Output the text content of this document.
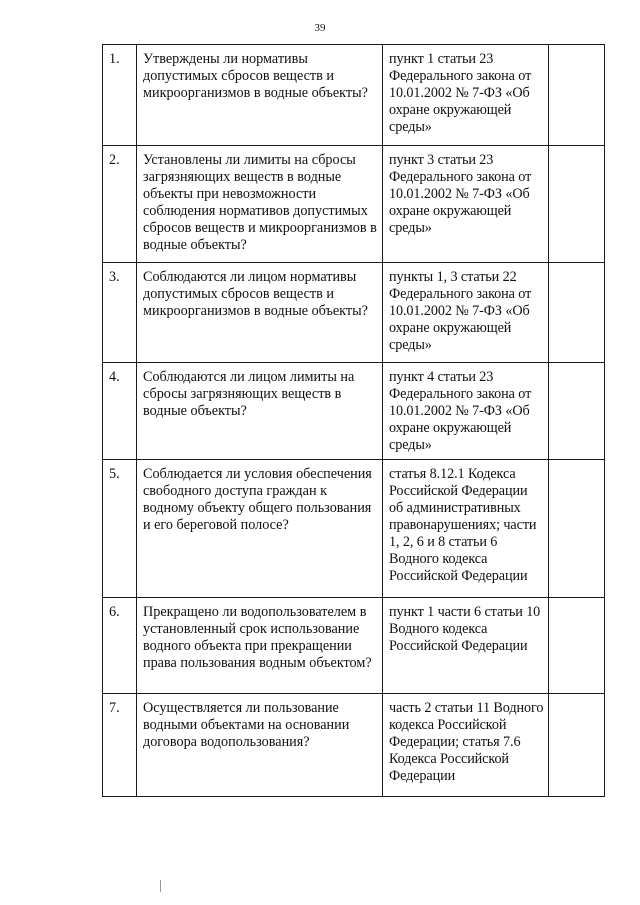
39
1.	Утверждены ли нормативы допустимых сбросов веществ и микроорганизмов в водные объекты?	пункт 1 статьи 23 Федерального закона от 10.01.2002 № 7-ФЗ «Об охране окружающей среды»	
2.	Установлены ли лимиты на сбросы загрязняющих веществ в водные объекты при невозможности соблюдения нормативов допустимых сбросов веществ и микроорганизмов в водные объекты?	пункт 3 статьи 23 Федерального закона от 10.01.2002 № 7-ФЗ «Об охране окружающей среды»	
3.	Соблюдаются ли лицом нормативы допустимых сбросов веществ и микроорганизмов в водные объекты?	пункты 1, 3 статьи 22 Федерального закона от 10.01.2002 № 7-ФЗ «Об охране окружающей среды»	
4.	Соблюдаются ли лицом лимиты на сбросы загрязняющих веществ в водные объекты?	пункт 4 статьи 23 Федерального закона от 10.01.2002 № 7-ФЗ «Об охране окружающей среды»	
5.	Соблюдается ли условия обеспечения свободного доступа граждан к водному объекту общего пользования и его береговой полосе?	статья 8.12.1 Кодекса Российской Федерации об административных правонарушениях; части 1, 2, 6 и 8 статьи 6 Водного кодекса Российской Федерации	
6.	Прекращено ли водопользователем в установленный срок использование водного объекта при прекращении права пользования водным объектом?	пункт 1 части 6 статьи 10 Водного кодекса Российской Федерации	
7.	Осуществляется ли пользование водными объектами на основании договора водопользования?	часть 2 статьи 11 Водного кодекса Российской Федерации; статья 7.6 Кодекса Российской Федерации	
